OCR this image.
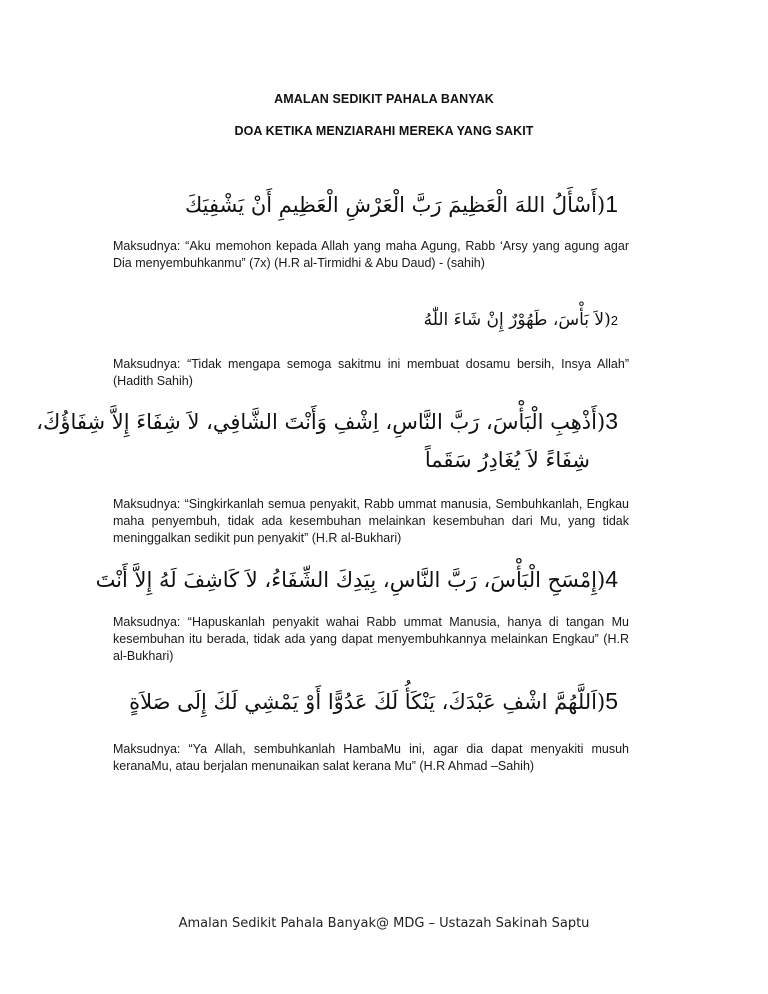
AMALAN SEDIKIT PAHALA BANYAK
DOA KETIKA MENZIARAHI MEREKA YANG SAKIT
1(أَسْأَلُ اللهَ الْعَظِيمَ رَبَّ الْعَرْشِ الْعَظِيمِ أَنْ يَشْفِيَكَ
Maksudnya: “Aku memohon kepada Allah yang maha Agung, Rabb ‘Arsy yang agung agar Dia menyembuhkanmu” (7x) (H.R al-Tirmidhi & Abu Daud) - (sahih)
2(لاَ بَأْسَ، طَهُوْرٌ إِنْ شَاءَ اللّٰهُ
Maksudnya: “Tidak mengapa semoga sakitmu ini membuat dosamu bersih, Insya Allah” (Hadith Sahih)
3(أَذْهِبِ الْبَأْسَ، رَبَّ النَّاسِ، اِشْفِ وَأَنْتَ الشَّافِي، لاَ شِفَاءَ إِلاَّ شِفَاؤُكَ،
شِفَاءً لاَ يُغَادِرُ سَقَماً
Maksudnya: “Singkirkanlah semua penyakit, Rabb ummat manusia, Sembuhkanlah, Engkau maha penyembuh, tidak ada kesembuhan melainkan kesembuhan dari Mu, yang tidak meninggalkan sedikit pun penyakit” (H.R al-Bukhari)
4(إِمْسَحِ الْبَأْسَ، رَبَّ النَّاسِ، بِيَدِكَ الشِّفَاءُ، لاَ كَاشِفَ لَهُ إِلاَّ أَنْتَ
Maksudnya: “Hapuskanlah penyakit wahai Rabb ummat Manusia, hanya di tangan Mu kesembuhan itu berada, tidak ada yang dapat menyembuhkannya melainkan Engkau” (H.R al-Bukhari)
5(اَللَّهُمَّ اشْفِ عَبْدَكَ، يَنْكَأُ لَكَ عَدُوًّا أَوْ يَمْشِي لَكَ إِلَى صَلاَةٍ
Maksudnya: “Ya Allah, sembuhkanlah HambaMu ini, agar dia dapat menyakiti musuh keranaMu, atau berjalan menunaikan salat kerana Mu” (H.R Ahmad –Sahih)
Amalan Sedikit Pahala Banyak@ MDG – Ustazah Sakinah Saptu
